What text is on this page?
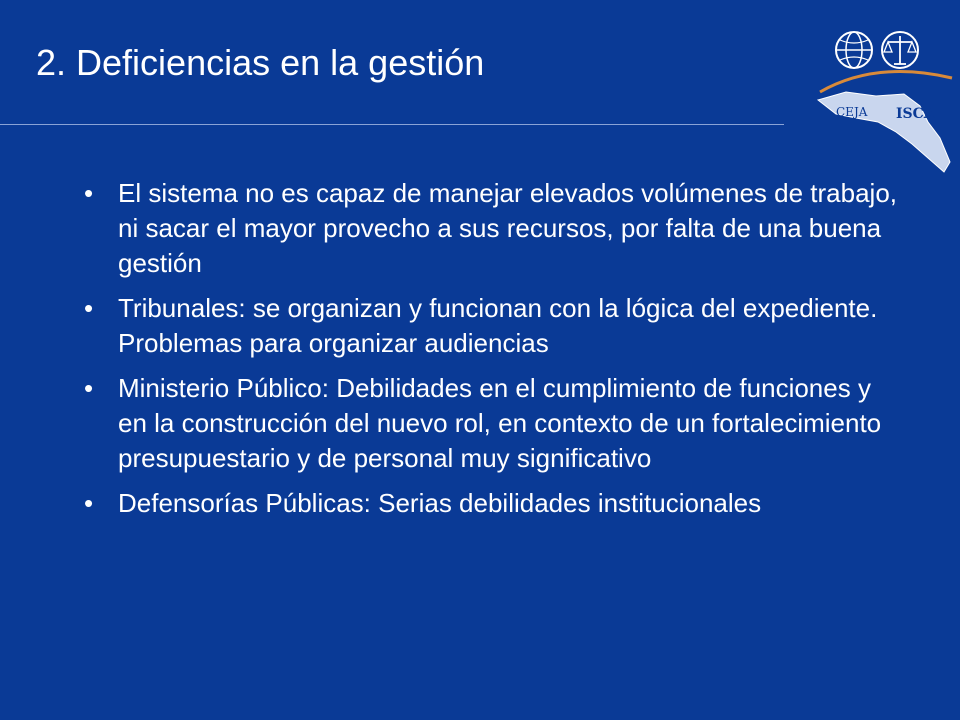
2. Deficiencias en la gestión
CEJA ISCA
• El sistema no es capaz de manejar elevados volúmenes de trabajo, ni sacar el mayor provecho a sus recursos, por falta de una buena gestión
• Tribunales: se organizan y funcionan con la lógica del expediente. Problemas para organizar audiencias
• Ministerio Público: Debilidades en el cumplimiento de funciones y en la construcción del nuevo rol, en contexto de un fortalecimiento presupuestario y de personal muy significativo
• Defensorías Públicas: Serias debilidades institucionales
